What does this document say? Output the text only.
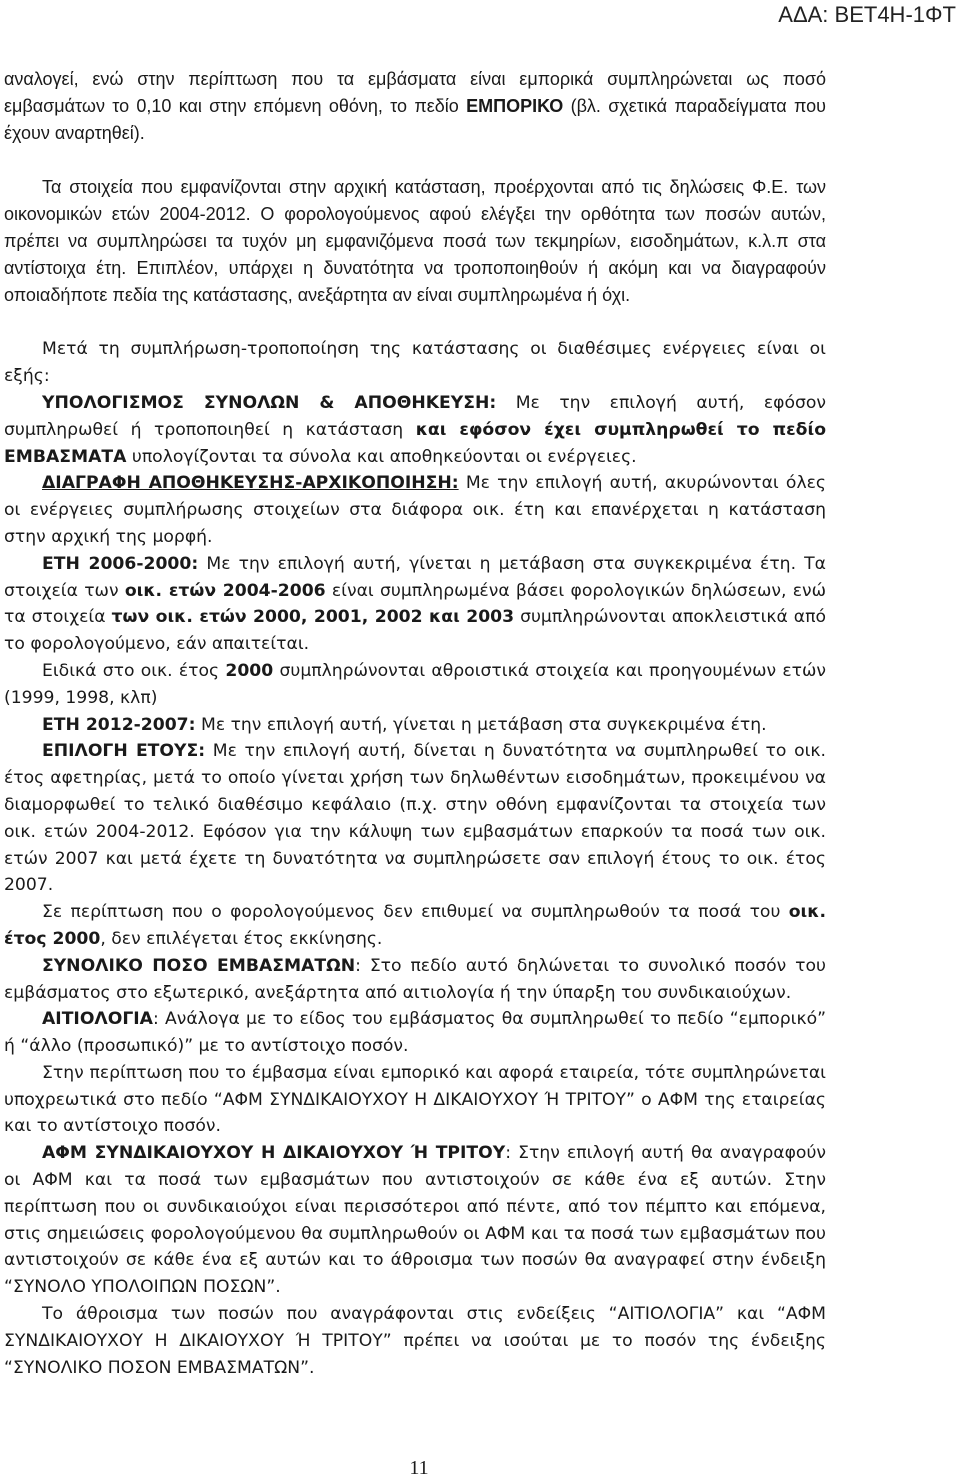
ΑΔΑ: ΒΕΤ4Η-1ΦΤ

αναλογεί, ενώ στην περίπτωση που τα εμβάσματα είναι εμπορικά συμπληρώνεται ως ποσό εμβασμάτων το 0,10 και στην επόμενη οθόνη, το πεδίο ΕΜΠΟΡΙΚΟ (βλ. σχετικά παραδείγματα που έχουν αναρτηθεί).

Τα στοιχεία που εμφανίζονται στην αρχική κατάσταση, προέρχονται από τις δηλώσεις Φ.Ε. των οικονομικών ετών 2004-2012. Ο φορολογούμενος αφού ελέγξει την ορθότητα των ποσών αυτών, πρέπει να συμπληρώσει τα τυχόν μη εμφανιζόμενα ποσά των τεκμηρίων, εισοδημάτων, κ.λ.π στα αντίστοιχα έτη. Επιπλέον, υπάρχει η δυνατότητα να τροποποιηθούν ή ακόμη και να διαγραφούν οποιαδήποτε πεδία της κατάστασης, ανεξάρτητα αν είναι συμπληρωμένα ή όχι.

Μετά τη συμπλήρωση-τροποποίηση της κατάστασης οι διαθέσιμες ενέργειες είναι οι εξής:

ΥΠΟΛΟΓΙΣΜΟΣ ΣΥΝΟΛΩΝ & ΑΠΟΘΗΚΕΥΣΗ: Με την επιλογή αυτή, εφόσον συμπληρωθεί ή τροποποιηθεί η κατάσταση και εφόσον έχει συμπληρωθεί το πεδίο ΕΜΒΑΣΜΑΤΑ υπολογίζονται τα σύνολα και αποθηκεύονται οι ενέργειες.

ΔΙΑΓΡΑΦΗ ΑΠΟΘΗΚΕΥΣΗΣ-ΑΡΧΙΚΟΠΟΙΗΣΗ: Με την επιλογή αυτή, ακυρώνονται όλες οι ενέργειες συμπλήρωσης στοιχείων στα διάφορα οικ. έτη και επανέρχεται η κατάσταση στην αρχική της μορφή.

ΕΤΗ 2006-2000: Με την επιλογή αυτή, γίνεται η μετάβαση στα συγκεκριμένα έτη. Τα στοιχεία των οικ. ετών 2004-2006 είναι συμπληρωμένα βάσει φορολογικών δηλώσεων, ενώ τα στοιχεία των οικ. ετών 2000, 2001, 2002 και 2003 συμπληρώνονται αποκλειστικά από το φορολογούμενο, εάν απαιτείται.

Ειδικά στο οικ. έτος 2000 συμπληρώνονται αθροιστικά στοιχεία και προηγουμένων ετών (1999, 1998, κλπ)

ΕΤΗ 2012-2007: Με την επιλογή αυτή, γίνεται η μετάβαση στα συγκεκριμένα έτη.

ΕΠΙΛΟΓΗ ΕΤΟΥΣ: Με την επιλογή αυτή, δίνεται η δυνατότητα να συμπληρωθεί το οικ. έτος αφετηρίας, μετά το οποίο γίνεται χρήση των δηλωθέντων εισοδημάτων, προκειμένου να διαμορφωθεί το τελικό διαθέσιμο κεφάλαιο (π.χ. στην οθόνη εμφανίζονται τα στοιχεία των οικ. ετών 2004-2012. Εφόσον για την κάλυψη των εμβασμάτων επαρκούν τα ποσά των οικ. ετών 2007 και μετά έχετε τη δυνατότητα να συμπληρώσετε σαν επιλογή έτους το οικ. έτος 2007.

Σε περίπτωση που ο φορολογούμενος δεν επιθυμεί να συμπληρωθούν τα ποσά του οικ. έτος 2000, δεν επιλέγεται έτος εκκίνησης.

ΣΥΝΟΛΙΚΟ ΠΟΣΟ ΕΜΒΑΣΜΑΤΩΝ: Στο πεδίο αυτό δηλώνεται το συνολικό ποσόν του εμβάσματος στο εξωτερικό, ανεξάρτητα από αιτιολογία ή την ύπαρξη του συνδικαιούχων.

ΑΙΤΙΟΛΟΓΙΑ: Ανάλογα με το είδος του εμβάσματος θα συμπληρωθεί το πεδίο “εμπορικό” ή “άλλο (προσωπικό)” με το αντίστοιχο ποσόν.

Στην περίπτωση που το έμβασμα είναι εμπορικό και αφορά εταιρεία, τότε συμπληρώνεται υποχρεωτικά στο πεδίο “ΑΦΜ ΣΥΝΔΙΚΑΙΟΥΧΟΥ Η ΔΙΚΑΙΟΥΧΟΥ Ή ΤΡΙΤΟΥ” ο ΑΦΜ της εταιρείας και το αντίστοιχο ποσόν.

ΑΦΜ ΣΥΝΔΙΚΑΙΟΥΧΟΥ Η ΔΙΚΑΙΟΥΧΟΥ Ή ΤΡΙΤΟΥ: Στην επιλογή αυτή θα αναγραφούν οι ΑΦΜ και τα ποσά των εμβασμάτων που αντιστοιχούν σε κάθε ένα εξ αυτών. Στην περίπτωση που οι συνδικαιούχοι είναι περισσότεροι από πέντε, από τον πέμπτο και επόμενα, στις σημειώσεις φορολογούμενου θα συμπληρωθούν οι ΑΦΜ και τα ποσά των εμβασμάτων που αντιστοιχούν σε κάθε ένα εξ αυτών και το άθροισμα των ποσών θα αναγραφεί στην ένδειξη “ΣΥΝΟΛΟ ΥΠΟΛΟΙΠΩΝ ΠΟΣΩΝ”.

Το άθροισμα των ποσών που αναγράφονται στις ενδείξεις “ΑΙΤΙΟΛΟΓΙΑ” και “ΑΦΜ ΣΥΝΔΙΚΑΙΟΥΧΟΥ Η ΔΙΚΑΙΟΥΧΟΥ Ή ΤΡΙΤΟΥ” πρέπει να ισούται με το ποσόν της ένδειξης “ΣΥΝΟΛΙΚΟ ΠΟΣΟΝ ΕΜΒΑΣΜΑΤΩΝ”.

11
